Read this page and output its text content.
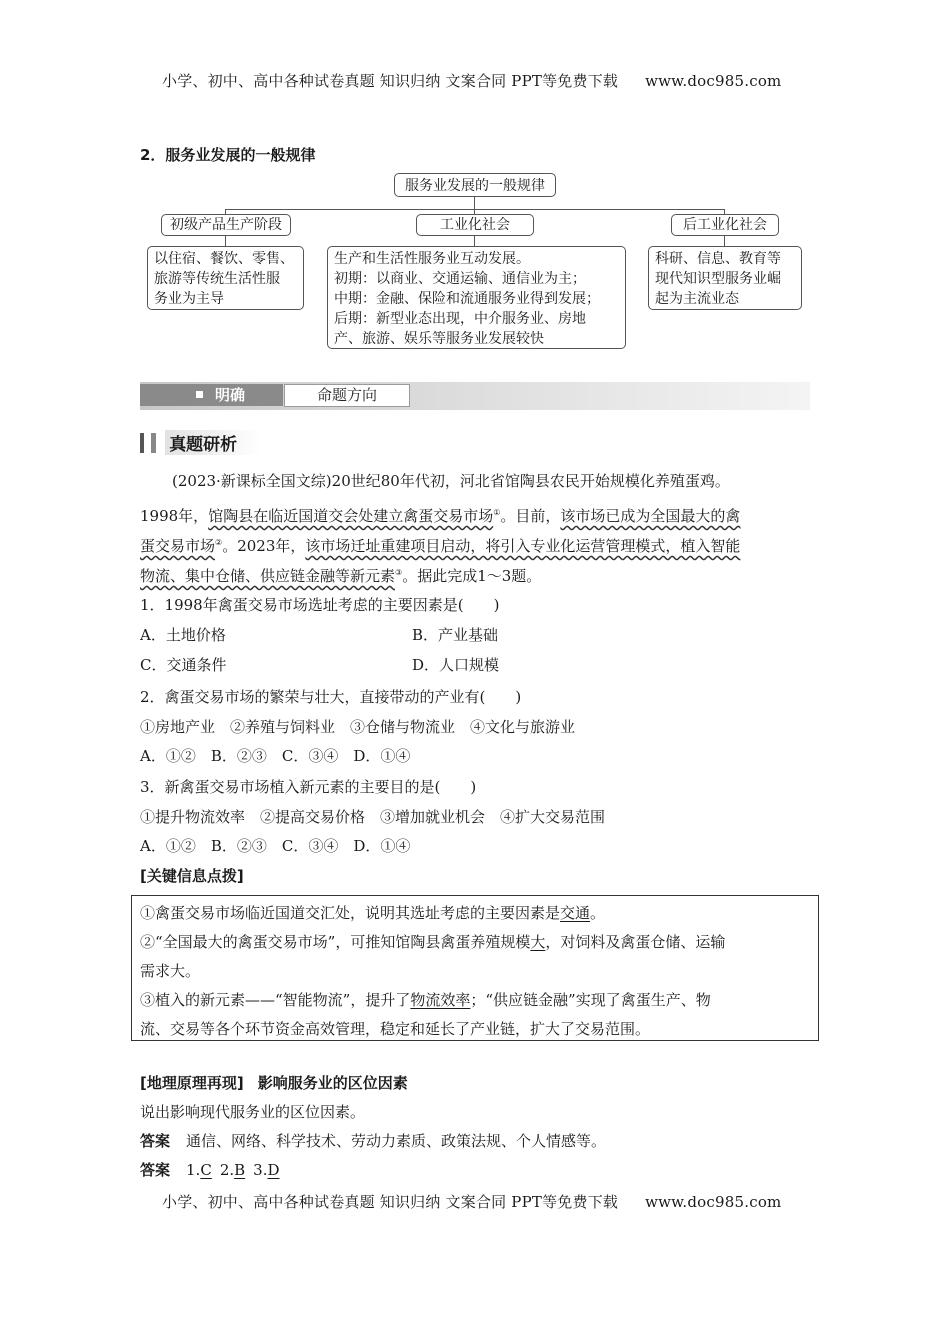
小学、初中、高中各种试卷真题 知识归纳 文案合同 PPT等免费下载 www.doc985.com
2．服务业发展的一般规律
服务业发展的一般规律
初级产品生产阶段	工业化社会	后工业化社会
以住宿、餐饮、零售、
旅游等传统生活性服
务业为主导
生产和生活性服务业互动发展。
初期：以商业、交通运输、通信业为主；
中期：金融、保险和流通服务业得到发展；
后期：新型业态出现，中介服务业、房地
产、旅游、娱乐等服务业发展较快
科研、信息、教育等
现代知识型服务业崛
起为主流业态
明确	命题方向
真题研析
(2023·新课标全国文综)20世纪80年代初，河北省馆陶县农民开始规模化养殖蛋鸡。
1998年，馆陶县在临近国道交会处建立禽蛋交易市场①。目前，该市场已成为全国最大的禽
蛋交易市场②。2023年，该市场迁址重建项目启动，将引入专业化运营管理模式，植入智能
物流、集中仓储、供应链金融等新元素③。据此完成1～3题。
1．1998年禽蛋交易市场选址考虑的主要因素是(　　)
A．土地价格	B．产业基础
C．交通条件	D．人口规模
2．禽蛋交易市场的繁荣与壮大，直接带动的产业有(　　)
①房地产业　②养殖与饲料业　③仓储与物流业　④文化与旅游业
A．①②　B．②③　C．③④　D．①④
3．新禽蛋交易市场植入新元素的主要目的是(　　)
①提升物流效率　②提高交易价格　③增加就业机会　④扩大交易范围
A．①②　B．②③　C．③④　D．①④
[关键信息点拨]
①禽蛋交易市场临近国道交汇处，说明其选址考虑的主要因素是交通。
②“全国最大的禽蛋交易市场”，可推知馆陶县禽蛋养殖规模大，对饲料及禽蛋仓储、运输
需求大。
③植入的新元素——“智能物流”，提升了物流效率；“供应链金融”实现了禽蛋生产、物
流、交易等各个环节资金高效管理，稳定和延长了产业链，扩大了交易范围。
[地理原理再现] 影响服务业的区位因素
说出影响现代服务业的区位因素。
答案 通信、网络、科学技术、劳动力素质、政策法规、个人情感等。
答案 1.C 2.B 3.D
小学、初中、高中各种试卷真题 知识归纳 文案合同 PPT等免费下载 www.doc985.com
